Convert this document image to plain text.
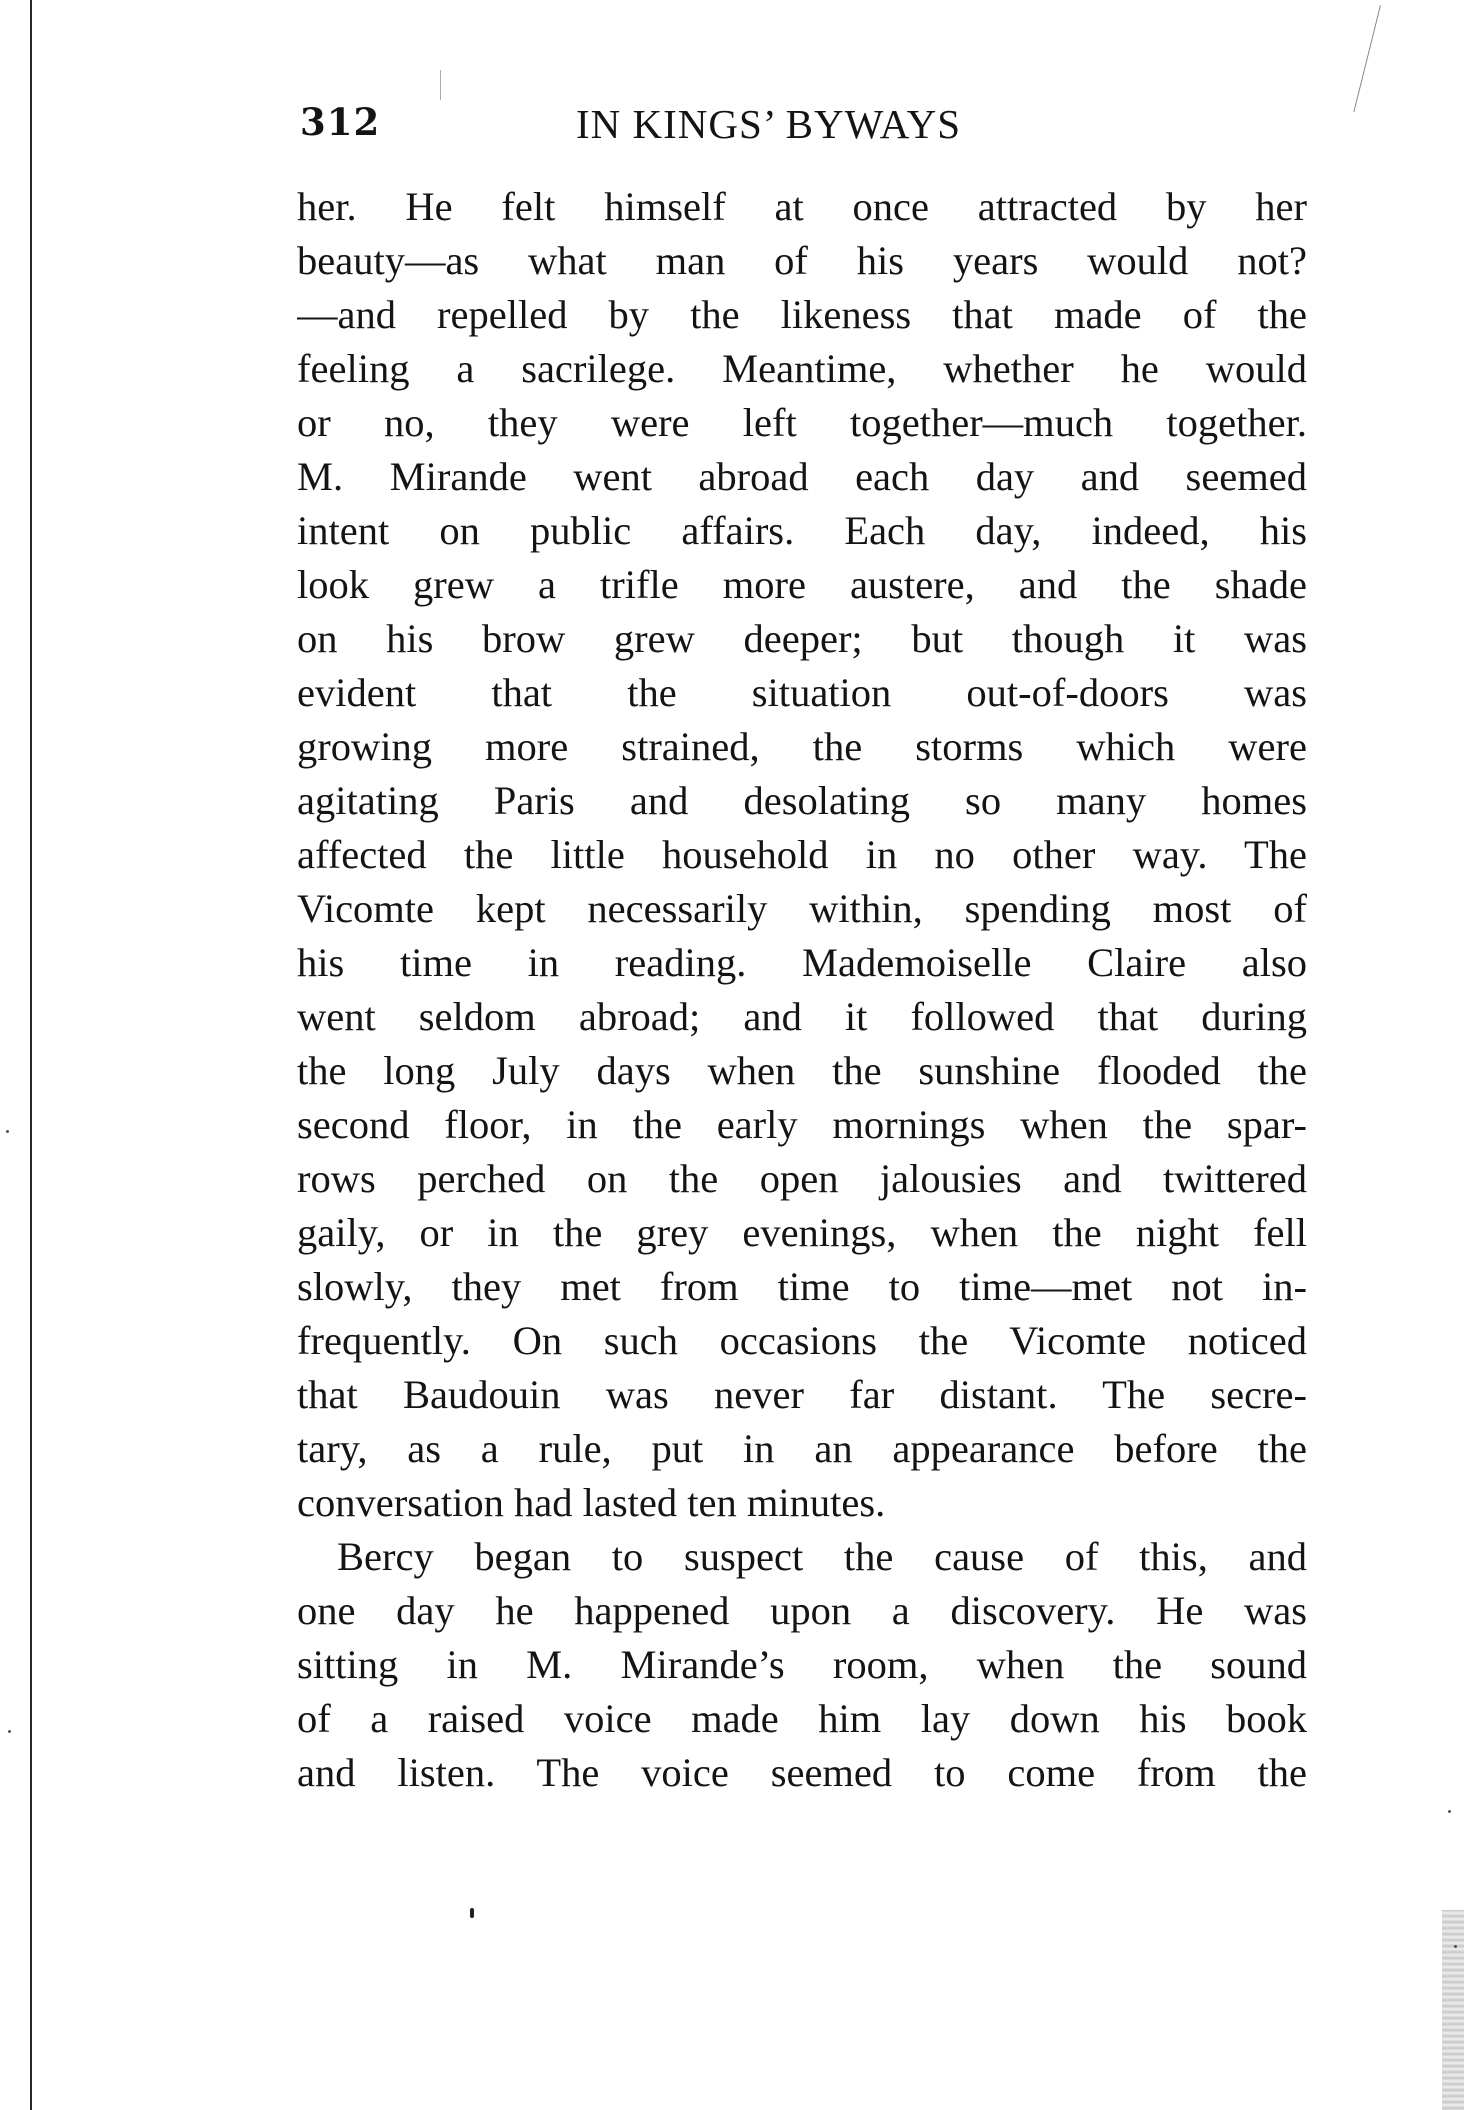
312	IN KINGS’ BYWAYS
her. He felt himself at once attracted by her
beauty—as what man of his years would not?
—and repelled by the likeness that made of the
feeling a sacrilege. Meantime, whether he would
or no, they were left together—much together.
M. Mirande went abroad each day and seemed
intent on public affairs. Each day, indeed, his
look grew a trifle more austere, and the shade
on his brow grew deeper; but though it was
evident that the situation out-of-doors was
growing more strained, the storms which were
agitating Paris and desolating so many homes
affected the little household in no other way. The
Vicomte kept necessarily within, spending most of
his time in reading. Mademoiselle Claire also
went seldom abroad; and it followed that during
the long July days when the sunshine flooded the
second floor, in the early mornings when the spar-
rows perched on the open jalousies and twittered
gaily, or in the grey evenings, when the night fell
slowly, they met from time to time—met not in-
frequently. On such occasions the Vicomte noticed
that Baudouin was never far distant. The secre-
tary, as a rule, put in an appearance before the
conversation had lasted ten minutes.
Bercy began to suspect the cause of this, and
one day he happened upon a discovery. He was
sitting in M. Mirande’s room, when the sound
of a raised voice made him lay down his book
and listen. The voice seemed to come from the
